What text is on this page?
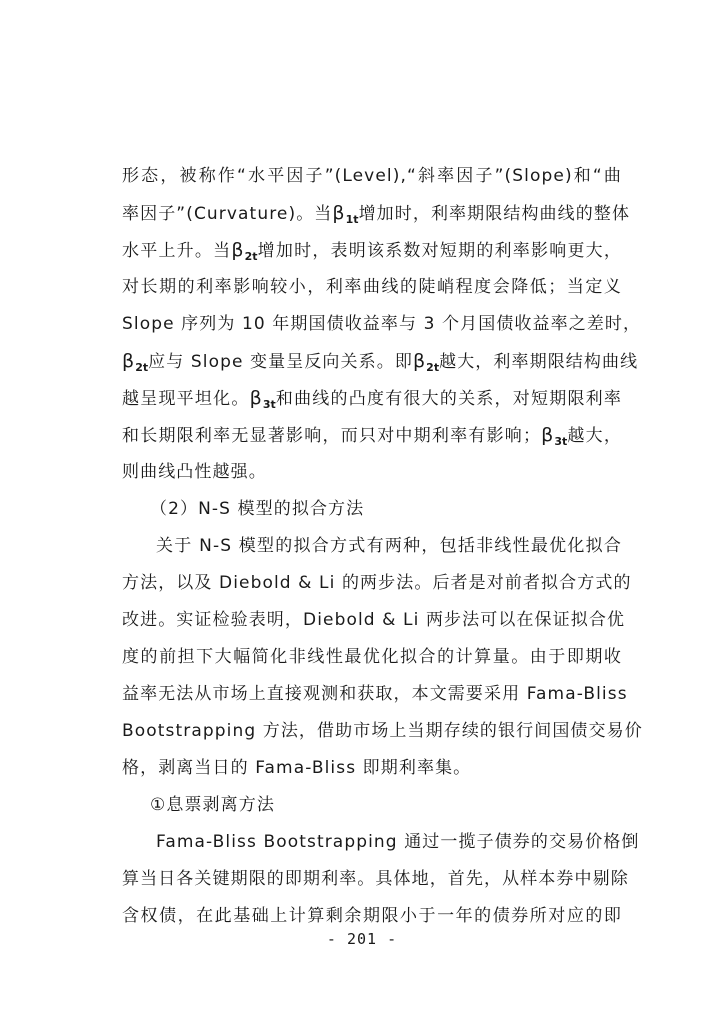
形态，被称作“水平因子”(Level),“斜率因子”(Slope)和“曲
率因子”(Curvature)。当$\beta_{1t}$增加时，利率期限结构曲线的整体
水平上升。当$\beta_{2t}$增加时，表明该系数对短期的利率影响更大，
对长期的利率影响较小，利率曲线的陡峭程度会降低；当定义
Slope 序列为 10 年期国债收益率与 3 个月国债收益率之差时，
$\beta_{2t}$应与 Slope 变量呈反向关系。即$\beta_{2t}$越大，利率期限结构曲线
越呈现平坦化。$\beta_{3t}$和曲线的凸度有很大的关系，对短期限利率
和长期限利率无显著影响，而只对中期利率有影响；$\beta_{3t}$越大，
则曲线凸性越强。
（2）N-S 模型的拟合方法
关于 N-S 模型的拟合方式有两种，包括非线性最优化拟合
方法，以及 Diebold & Li 的两步法。后者是对前者拟合方式的
改进。实证检验表明，Diebold & Li 两步法可以在保证拟合优
度的前担下大幅简化非线性最优化拟合的计算量。由于即期收
益率无法从市场上直接观测和获取，本文需要采用 Fama-Bliss
Bootstrapping 方法，借助市场上当期存续的银行间国债交易价
格，剥离当日的 Fama-Bliss 即期利率集。
①息票剥离方法
Fama-Bliss Bootstrapping 通过一揽子债券的交易价格倒
算当日各关键期限的即期利率。具体地，首先，从样本券中剔除
含权债，在此基础上计算剩余期限小于一年的债券所对应的即
- 201 -
